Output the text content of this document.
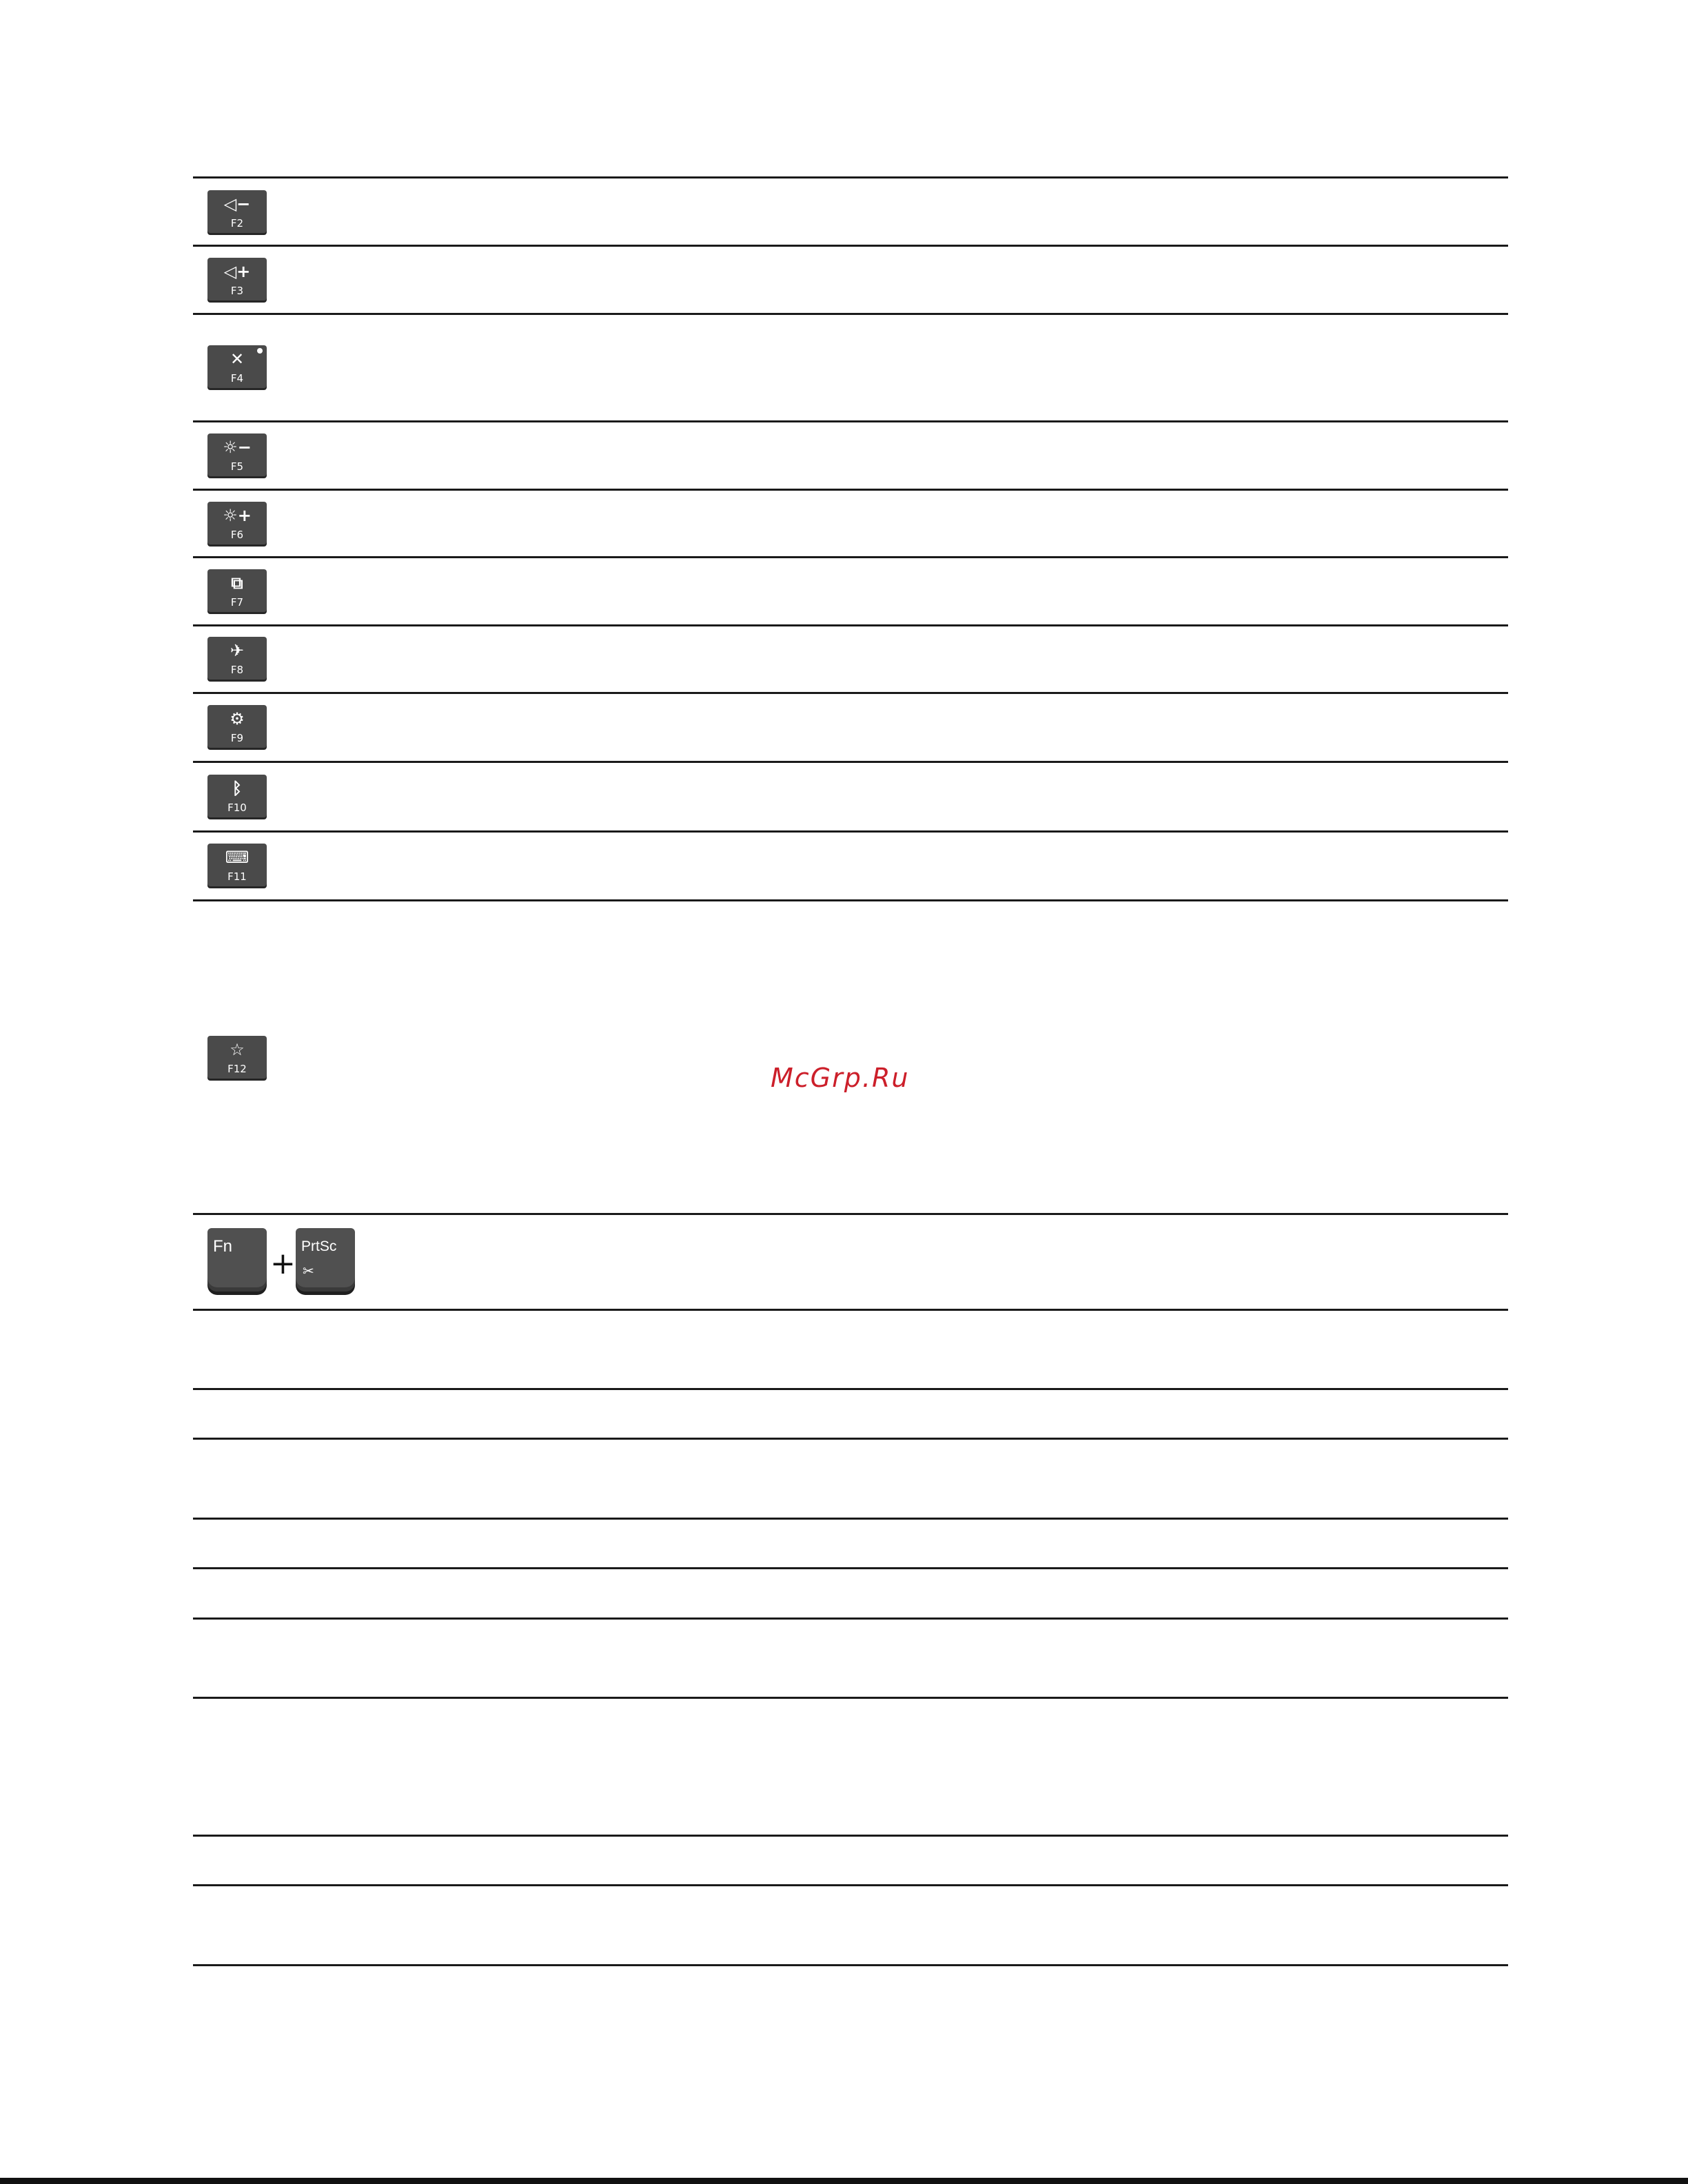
◁−
F2
◁+
F3
✕
F4
☼−
F5
☼+
F6
⧉
F7
✈
F8
⚙
F9
ᛒ
F10
⌨
F11
☆
F12	McGrp.Ru
Fn + PrtSc
✂
